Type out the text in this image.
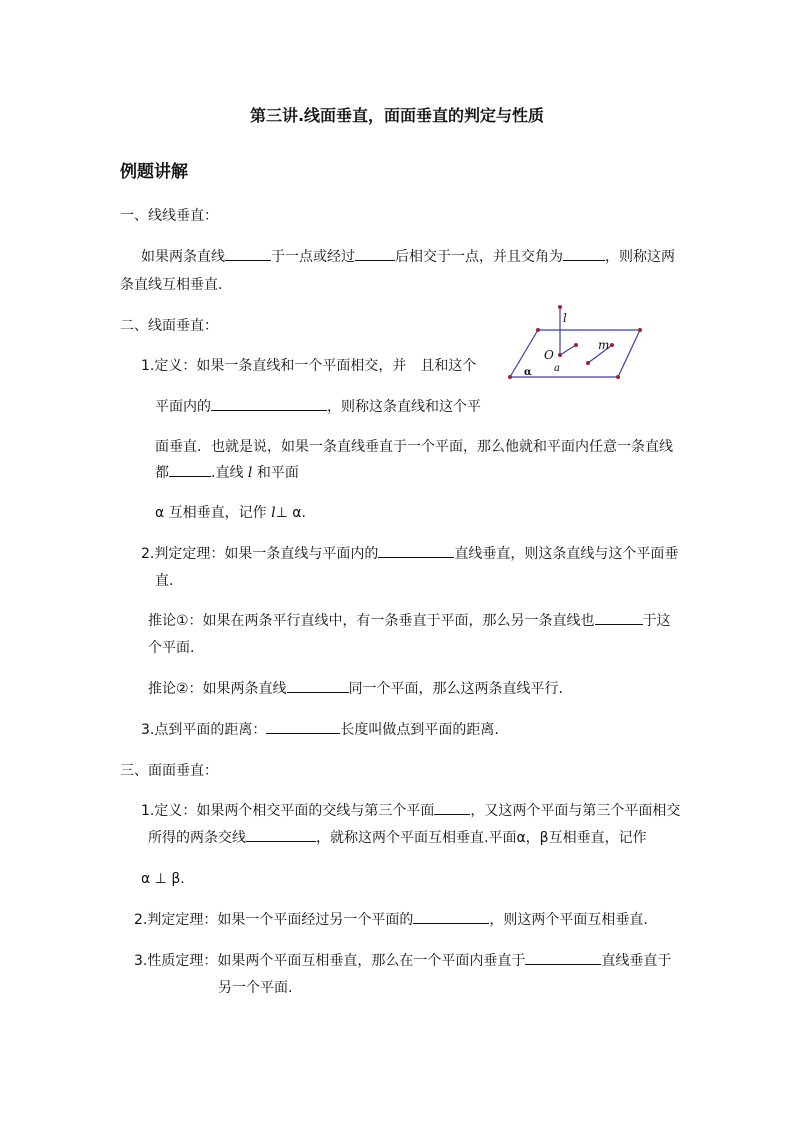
第三讲.线面垂直，面面垂直的判定与性质
例题讲解
一、线线垂直：
如果两条直线	于一点或经过	后相交于一点，并且交角为	，则称这两
条直线互相垂直.
二、线面垂直：
1.定义：如果一条直线和一个平面相交，并　且和这个
平面内的	，则称这条直线和这个平
面垂直．也就是说，如果一条直线垂直于一个平面，那么他就和平面内任意一条直线
都	.直线 l 和平面
α 互相垂直，记作 l⊥ α.
2.判定定理：如果一条直线与平面内的	直线垂直，则这条直线与这个平面垂
直.
推论①：如果在两条平行直线中，有一条垂直于平面，那么另一条直线也	于这
个平面.
推论②：如果两条直线	同一个平面，那么这两条直线平行.
3.点到平面的距离：	长度叫做点到平面的距离.
三、面面垂直：
1.定义：如果两个相交平面的交线与第三个平面	，又这两个平面与第三个平面相交
所得的两条交线	，就称这两个平面互相垂直.平面α，β互相垂直，记作
α ⊥ β.
2.判定定理：如果一个平面经过另一个平面的	，则这两个平面互相垂直.
3.性质定理：如果两个平面互相垂直，那么在一个平面内垂直于	直线垂直于
另一个平面.
l
O
a
m
α
